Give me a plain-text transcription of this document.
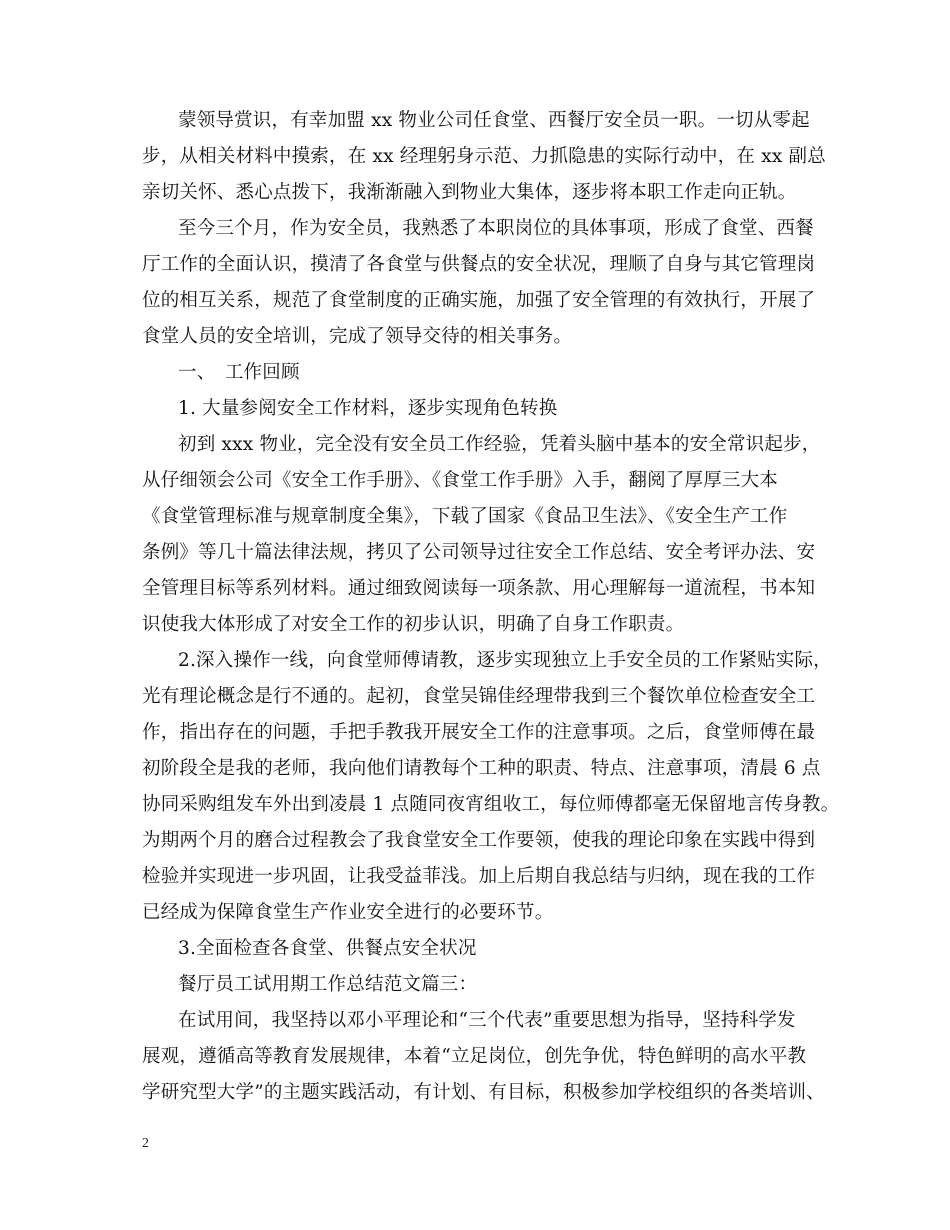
蒙领导赏识，有幸加盟 xx 物业公司任食堂、西餐厅安全员一职。一切从零起
步，从相关材料中摸索，在 xx 经理躬身示范、力抓隐患的实际行动中，在 xx 副总
亲切关怀、悉心点拨下，我渐渐融入到物业大集体，逐步将本职工作走向正轨。
至今三个月，作为安全员，我熟悉了本职岗位的具体事项，形成了食堂、西餐
厅工作的全面认识，摸清了各食堂与供餐点的安全状况，理顺了自身与其它管理岗
位的相互关系，规范了食堂制度的正确实施，加强了安全管理的有效执行，开展了
食堂人员的安全培训，完成了领导交待的相关事务。
一、　工作回顾
1. 大量参阅安全工作材料，逐步实现角色转换
初到 xxx 物业，完全没有安全员工作经验，凭着头脑中基本的安全常识起步，
从仔细领会公司《安全工作手册》、《食堂工作手册》入手，翻阅了厚厚三大本
《食堂管理标准与规章制度全集》，下载了国家《食品卫生法》、《安全生产工作
条例》等几十篇法律法规，拷贝了公司领导过往安全工作总结、安全考评办法、安
全管理目标等系列材料。通过细致阅读每一项条款、用心理解每一道流程，书本知
识使我大体形成了对安全工作的初步认识，明确了自身工作职责。
2.深入操作一线，向食堂师傅请教，逐步实现独立上手安全员的工作紧贴实际，
光有理论概念是行不通的。起初，食堂吴锦佳经理带我到三个餐饮单位检查安全工
作，指出存在的问题，手把手教我开展安全工作的注意事项。之后，食堂师傅在最
初阶段全是我的老师，我向他们请教每个工种的职责、特点、注意事项，清晨 6 点
协同采购组发车外出到凌晨 1 点随同夜宵组收工，每位师傅都毫无保留地言传身教。
为期两个月的磨合过程教会了我食堂安全工作要领，使我的理论印象在实践中得到
检验并实现进一步巩固，让我受益菲浅。加上后期自我总结与归纳，现在我的工作
已经成为保障食堂生产作业安全进行的必要环节。
3.全面检查各食堂、供餐点安全状况
餐厅员工试用期工作总结范文篇三：
在试用间，我坚持以邓小平理论和“三个代表”重要思想为指导，坚持科学发
展观，遵循高等教育发展规律，本着“立足岗位，创先争优，特色鲜明的高水平教
学研究型大学”的主题实践活动，有计划、有目标，积极参加学校组织的各类培训、
2
